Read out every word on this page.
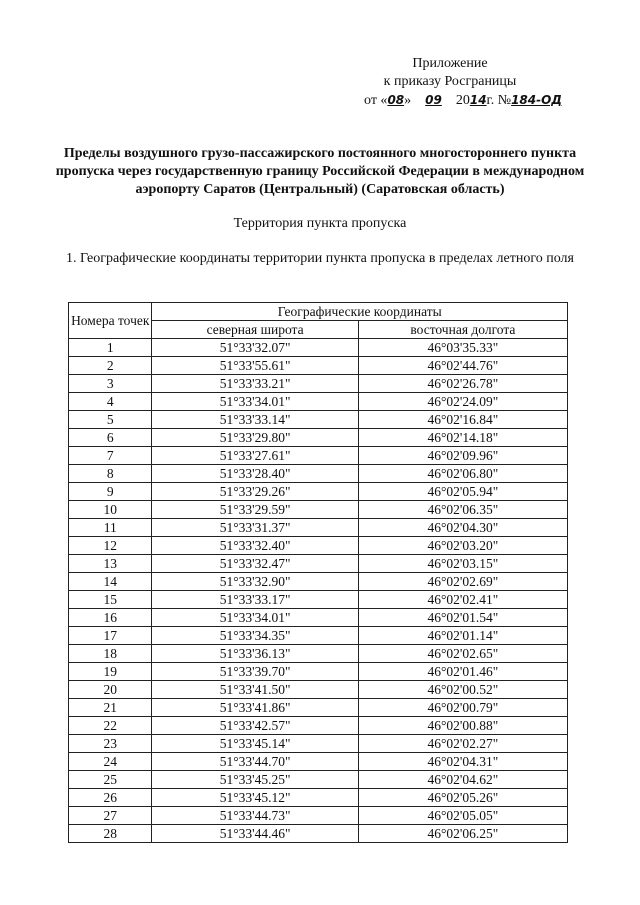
Приложение
к приказу Росграницы
от «08» 09 2014г. №184-ОД
Пределы воздушного грузо-пассажирского постоянного многостороннего пункта пропуска через государственную границу Российской Федерации в международном аэропорту Саратов (Центральный) (Саратовская область)
Территория пункта пропуска
1. Географические координаты территории пункта пропуска в пределах летного поля
Номера точек	Географические координаты	
	северная широта	восточная долгота
1	51°33'32.07"	46°03'35.33"
2	51°33'55.61"	46°02'44.76"
3	51°33'33.21"	46°02'26.78"
4	51°33'34.01"	46°02'24.09"
5	51°33'33.14"	46°02'16.84"
6	51°33'29.80"	46°02'14.18"
7	51°33'27.61"	46°02'09.96"
8	51°33'28.40"	46°02'06.80"
9	51°33'29.26"	46°02'05.94"
10	51°33'29.59"	46°02'06.35"
11	51°33'31.37"	46°02'04.30"
12	51°33'32.40"	46°02'03.20"
13	51°33'32.47"	46°02'03.15"
14	51°33'32.90"	46°02'02.69"
15	51°33'33.17"	46°02'02.41"
16	51°33'34.01"	46°02'01.54"
17	51°33'34.35"	46°02'01.14"
18	51°33'36.13"	46°02'02.65"
19	51°33'39.70"	46°02'01.46"
20	51°33'41.50"	46°02'00.52"
21	51°33'41.86"	46°02'00.79"
22	51°33'42.57"	46°02'00.88"
23	51°33'45.14"	46°02'02.27"
24	51°33'44.70"	46°02'04.31"
25	51°33'45.25"	46°02'04.62"
26	51°33'45.12"	46°02'05.26"
27	51°33'44.73"	46°02'05.05"
28	51°33'44.46"	46°02'06.25"
